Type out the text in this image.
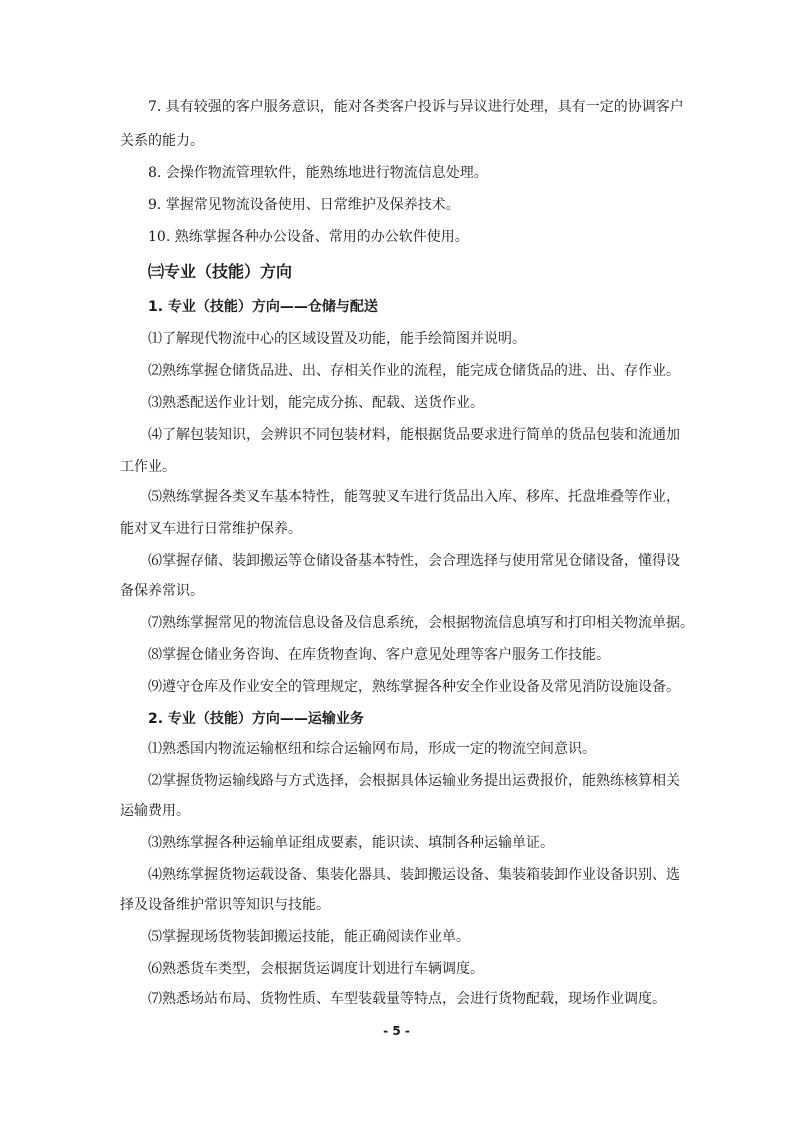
7. 具有较强的客户服务意识，能对各类客户投诉与异议进行处理，具有一定的协调客户
关系的能力。
8. 会操作物流管理软件，能熟练地进行物流信息处理。
9. 掌握常见物流设备使用、日常维护及保养技术。
10. 熟练掌握各种办公设备、常用的办公软件使用。
㈢专业（技能）方向
1. 专业（技能）方向——仓储与配送
⑴了解现代物流中心的区域设置及功能，能手绘简图并说明。
⑵熟练掌握仓储货品进、出、存相关作业的流程，能完成仓储货品的进、出、存作业。
⑶熟悉配送作业计划，能完成分拣、配载、送货作业。
⑷了解包装知识，会辨识不同包装材料，能根据货品要求进行简单的货品包装和流通加
工作业。
⑸熟练掌握各类叉车基本特性，能驾驶叉车进行货品出入库、移库、托盘堆叠等作业，
能对叉车进行日常维护保养。
⑹掌握存储、装卸搬运等仓储设备基本特性，会合理选择与使用常见仓储设备，懂得设
备保养常识。
⑺熟练掌握常见的物流信息设备及信息系统，会根据物流信息填写和打印相关物流单据。
⑻掌握仓储业务咨询、在库货物查询、客户意见处理等客户服务工作技能。
⑼遵守仓库及作业安全的管理规定，熟练掌握各种安全作业设备及常见消防设施设备。
2. 专业（技能）方向——运输业务
⑴熟悉国内物流运输枢纽和综合运输网布局，形成一定的物流空间意识。
⑵掌握货物运输线路与方式选择，会根据具体运输业务提出运费报价，能熟练核算相关
运输费用。
⑶熟练掌握各种运输单证组成要素，能识读、填制各种运输单证。
⑷熟练掌握货物运载设备、集装化器具、装卸搬运设备、集装箱装卸作业设备识别、选
择及设备维护常识等知识与技能。
⑸掌握现场货物装卸搬运技能，能正确阅读作业单。
⑹熟悉货车类型，会根据货运调度计划进行车辆调度。
⑺熟悉场站布局、货物性质、车型装载量等特点，会进行货物配载，现场作业调度。
- 5 -
